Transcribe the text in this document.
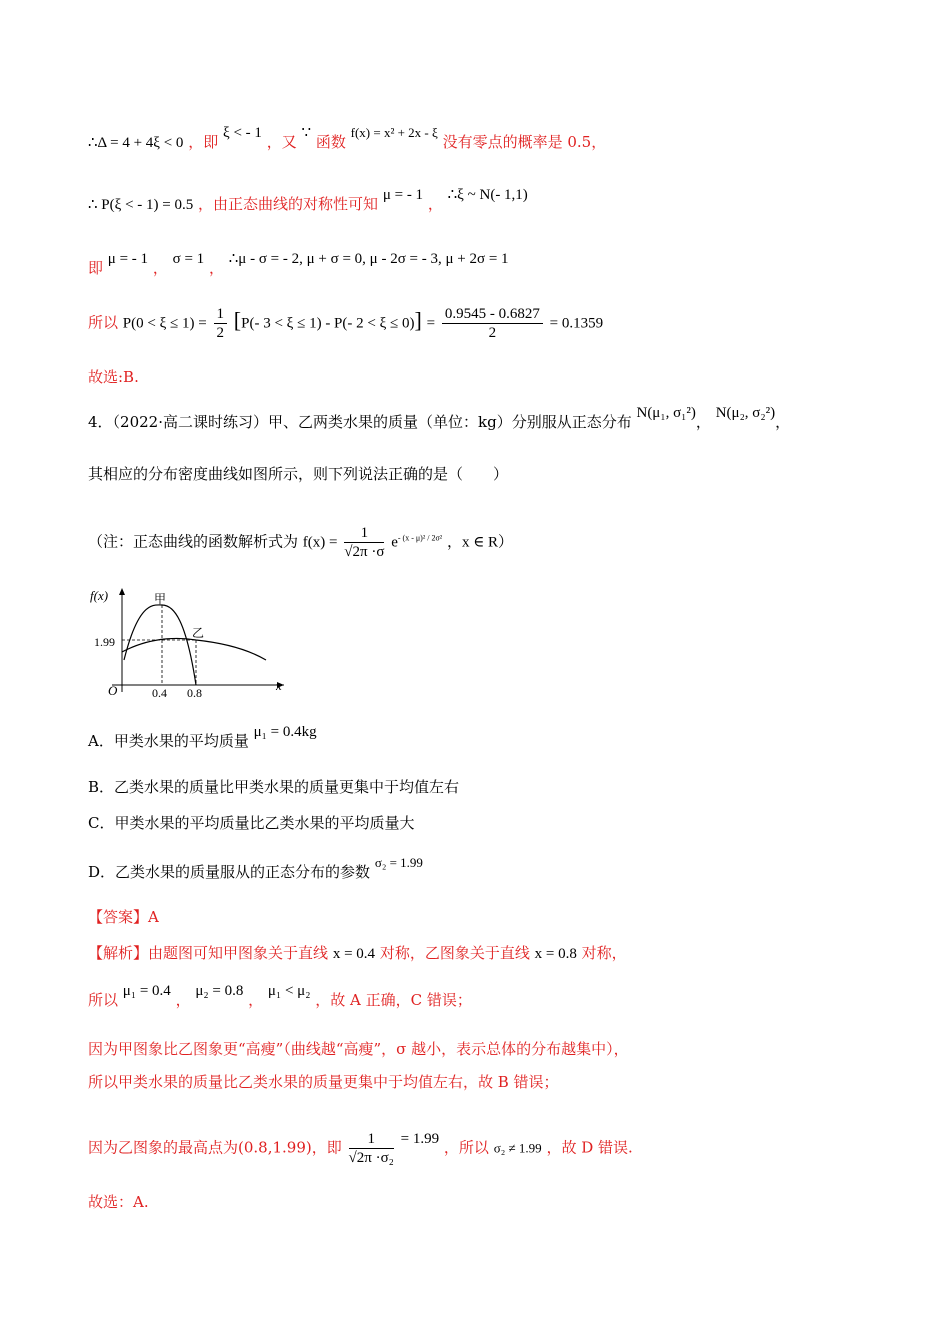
∴Δ = 4 + 4ξ < 0 ，即 ξ < - 1 ，又 ∵ 函数 f(x) = x² + 2x - ξ 没有零点的概率是 0.5，
∴ P(ξ < - 1) = 0.5 ，由正态曲线的对称性可知 μ = - 1 ， ∴ξ ~ N(- 1,1)
即 μ = - 1 ， σ = 1 ， ∴μ - σ = - 2, μ + σ = 0, μ - 2σ = - 3, μ + 2σ = 1
所以 $P(0 < \xi \le 1) = \frac{1}{2} [P(-$ 3 < ξ ≤ 1) - P(- $2 < \xi \le 0)] = \frac{0.9545 - 0.6827}{2} = 0.1359$
故选:B.
4．（2022·高二课时练习）甲、乙两类水果的质量（单位：kg）分别服从正态分布 N(μ₁, σ₁²)， N(μ₂, σ₂²)，
其相应的分布密度曲线如图所示，则下列说法正确的是（　　）
（注：正态曲线的函数解析式为 $f(x) = \frac{1}{√2\pi \cdot\sigma} e^{- (x - \mu)^2 / 2\sigma^2}$ ，x ∈ R）
f(x)
x
O
甲
乙
1.99
0.4 0.8
A．甲类水果的平均质量 μ₁ = 0.4kg
B．乙类水果的质量比甲类水果的质量更集中于均值左右
C．甲类水果的平均质量比乙类水果的平均质量大
D．乙类水果的质量服从的正态分布的参数 σ₂ = 1.99
【答案】A
【解析】由题图可知甲图象关于直线 x = 0.4 对称，乙图象关于直线 x = 0.8 对称，
所以 μ₁ = 0.4 ， μ₂ = 0.8 ， μ₁ < μ₂ ，故 A 正确，C 错误；
因为甲图象比乙图象更“高瘦”（曲线越“高瘦”，σ 越小，表示总体的分布越集中），
所以甲类水果的质量比乙类水果的质量更集中于均值左右，故 B 错误；
因为乙图象的最高点为(0.8,1.99)，即 $\frac{1}{\text{√2π ·σ₂}} = 1.99$ ，所以 σ₂ ≠ 1.99 ，故 D 错误.
故选：A.
